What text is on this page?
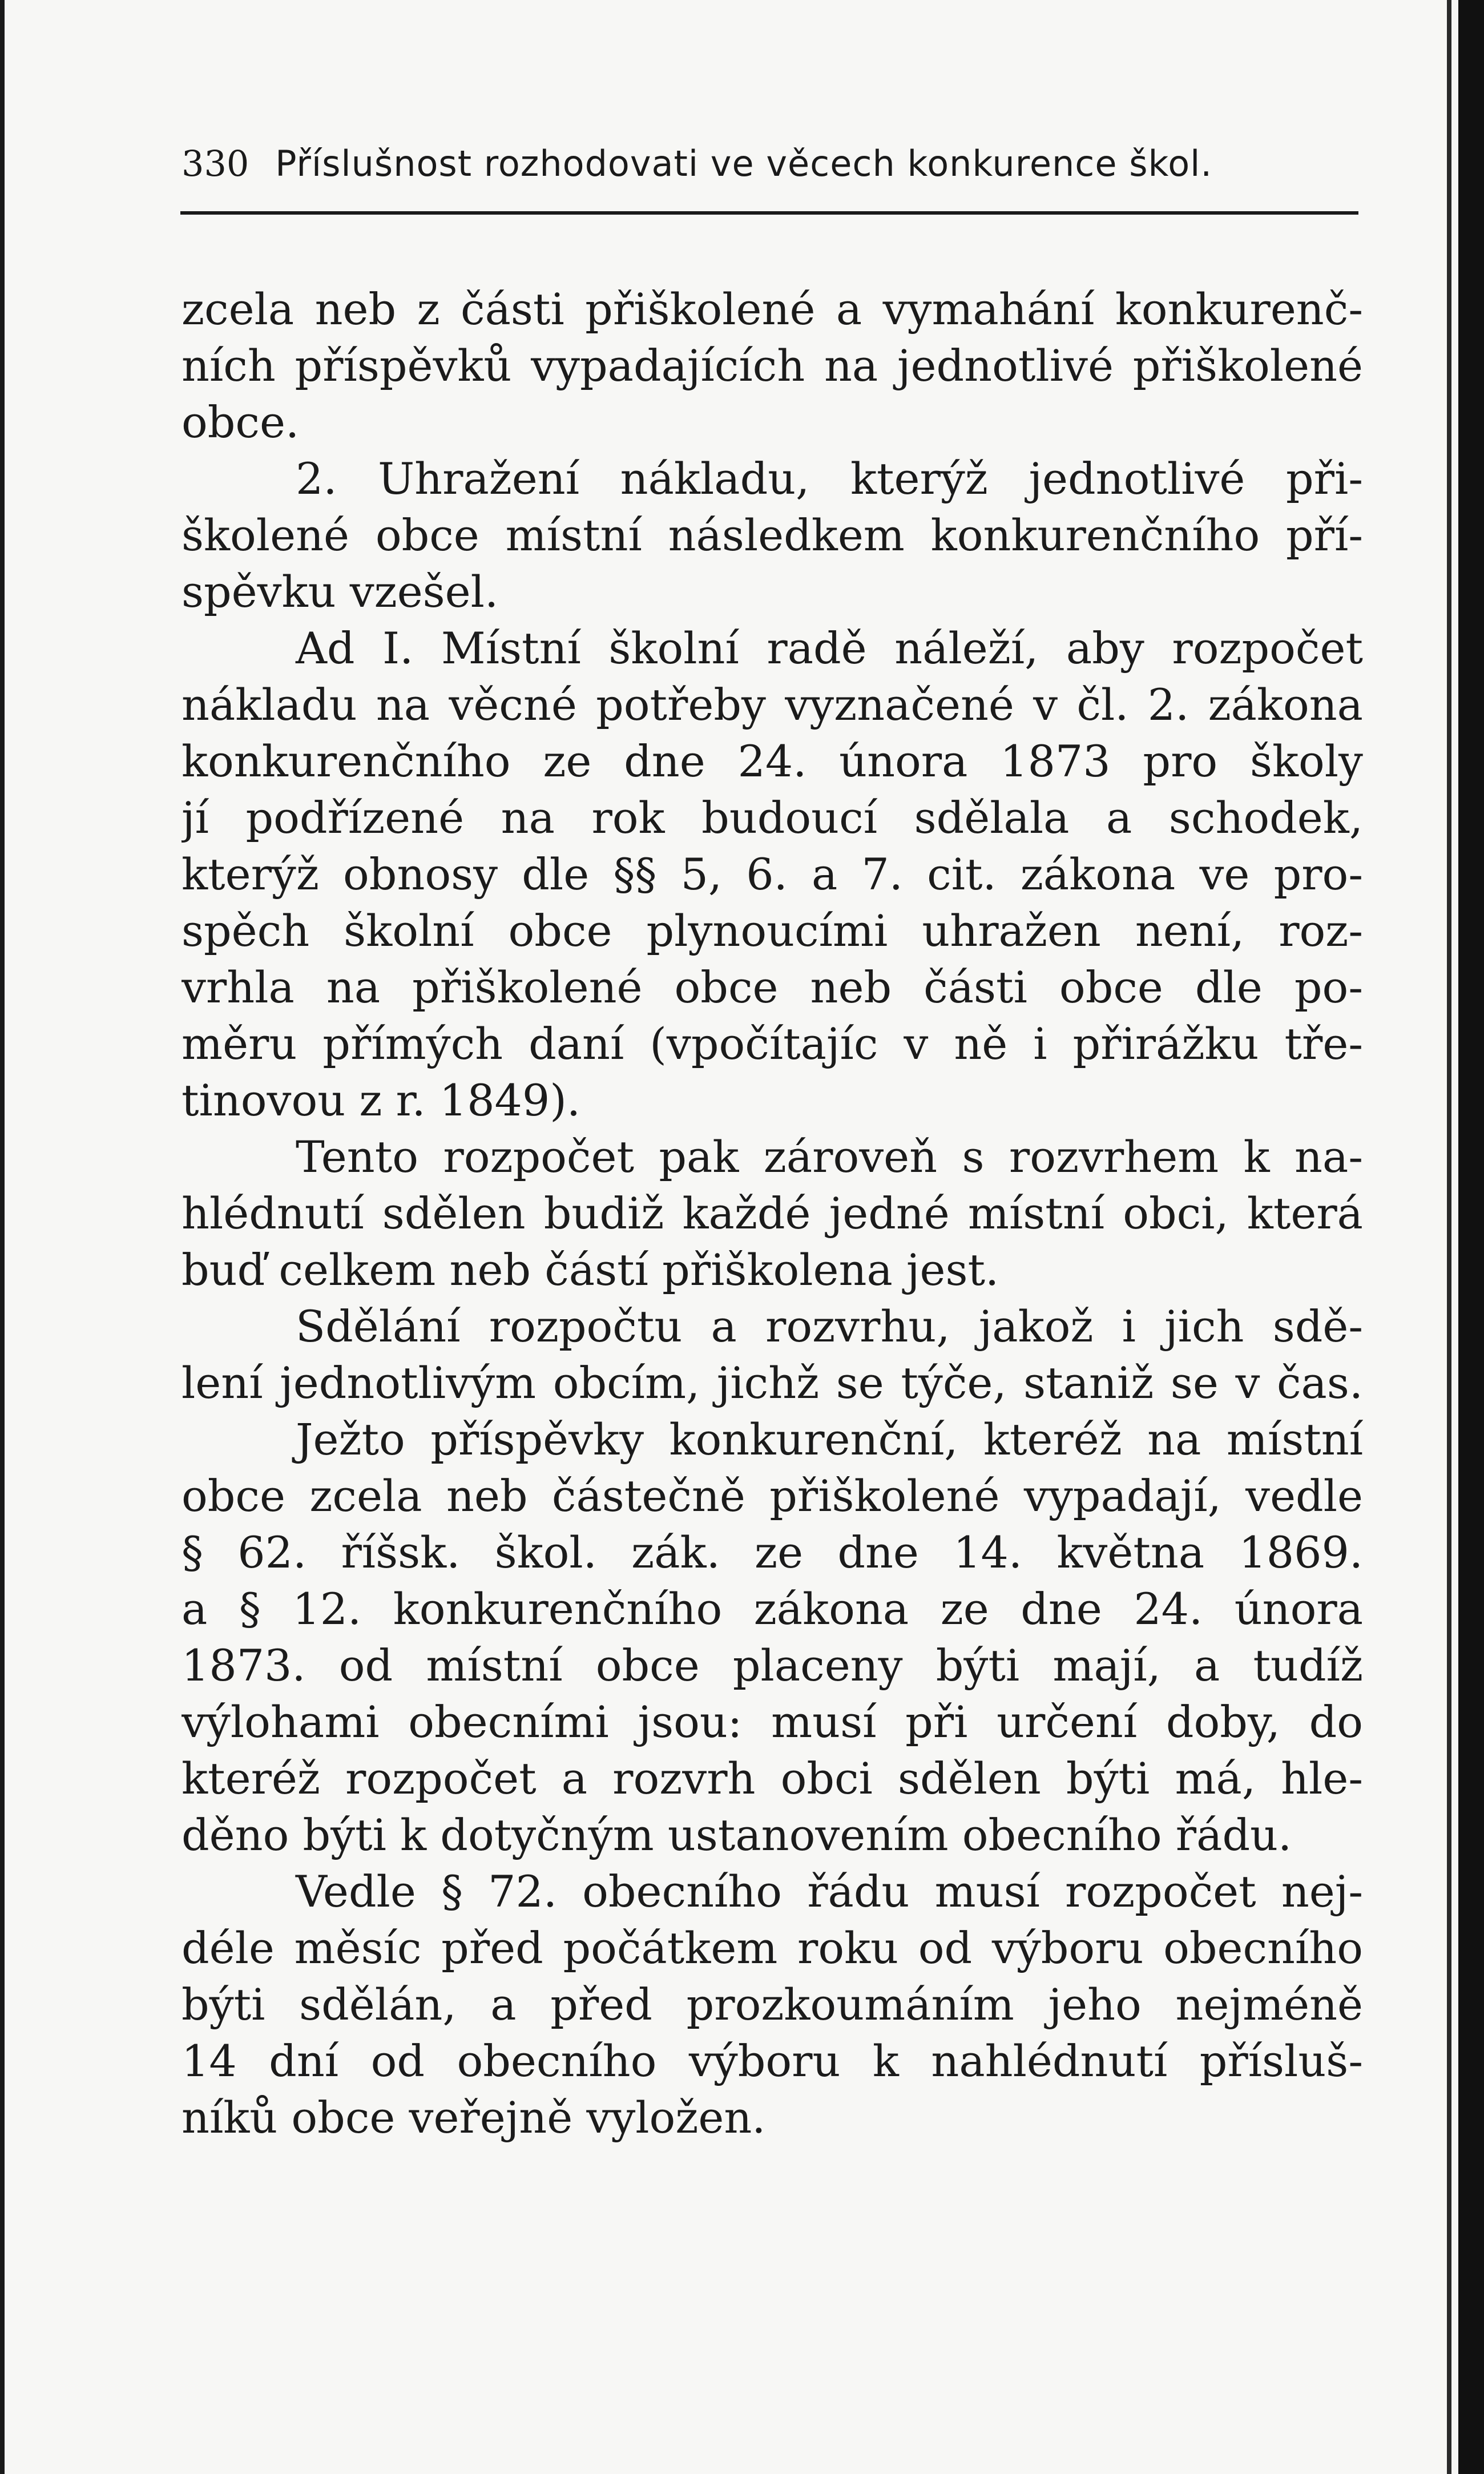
330 Příslušnost rozhodovati ve věcech konkurence škol.
zcela neb z části přiškolené a vymahání konkurenč-
ních příspěvků vypadajících na jednotlivé přiškolené
obce.
2. Uhražení nákladu, kterýž jednotlivé při-
školené obce místní následkem konkurenčního pří-
spěvku vzešel.
Ad I. Místní školní radě náleží, aby rozpočet
nákladu na věcné potřeby vyznačené v čl. 2. zákona
konkurenčního ze dne 24. února 1873 pro školy
jí podřízené na rok budoucí sdělala a schodek,
kterýž obnosy dle §§ 5, 6. a 7. cit. zákona ve pro-
spěch školní obce plynoucími uhražen není, roz-
vrhla na přiškolené obce neb části obce dle po-
měru přímých daní (vpočítajíc v ně i přirážku tře-
tinovou z r. 1849).
Tento rozpočet pak zároveň s rozvrhem k na-
hlédnutí sdělen budiž každé jedné místní obci, která
buď celkem neb částí přiškolena jest.
Sdělání rozpočtu a rozvrhu, jakož i jich sdě-
lení jednotlivým obcím, jichž se týče, staniž se v čas.
Ježto příspěvky konkurenční, kteréž na místní
obce zcela neb částečně přiškolené vypadají, vedle
§ 62. říšsk. škol. zák. ze dne 14. května 1869.
a § 12. konkurenčního zákona ze dne 24. února
1873. od místní obce placeny býti mají, a tudíž
výlohami obecními jsou: musí při určení doby, do
kteréž rozpočet a rozvrh obci sdělen býti má, hle-
děno býti k dotyčným ustanovením obecního řádu.
Vedle § 72. obecního řádu musí rozpočet nej-
déle měsíc před počátkem roku od výboru obecního
býti sdělán, a před prozkoumáním jeho nejméně
14 dní od obecního výboru k nahlédnutí přísluš-
níků obce veřejně vyložen.
